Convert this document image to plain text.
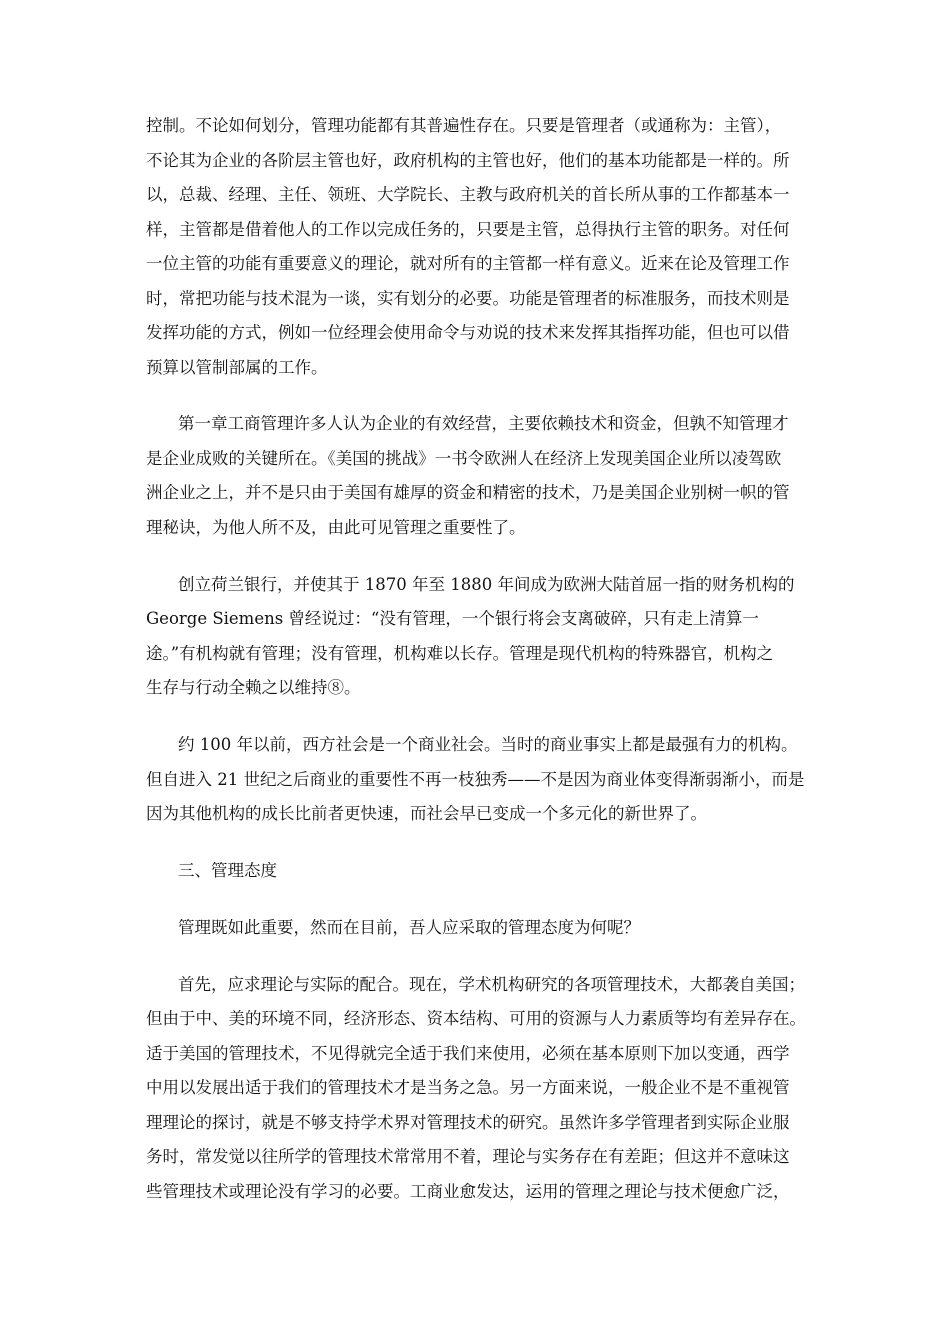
控制。不论如何划分，管理功能都有其普遍性存在。只要是管理者（或通称为：主管），

不论其为企业的各阶层主管也好，政府机构的主管也好，他们的基本功能都是一样的。所

以，总裁、经理、主任、领班、大学院长、主教与政府机关的首长所从事的工作都基本一

样，主管都是借着他人的工作以完成任务的，只要是主管，总得执行主管的职务。对任何

一位主管的功能有重要意义的理论，就对所有的主管都一样有意义。近来在论及管理工作

时，常把功能与技术混为一谈，实有划分的必要。功能是管理者的标准服务，而技术则是

发挥功能的方式，例如一位经理会使用命令与劝说的技术来发挥其指挥功能，但也可以借

预算以管制部属的工作。

第一章工商管理许多人认为企业的有效经营，主要依赖技术和资金，但孰不知管理才

是企业成败的关键所在。《美国的挑战》一书令欧洲人在经济上发现美国企业所以凌驾欧

洲企业之上，并不是只由于美国有雄厚的资金和精密的技术，乃是美国企业别树一帜的管

理秘诀，为他人所不及，由此可见管理之重要性了。

创立荷兰银行，并使其于 1870 年至 1880 年间成为欧洲大陆首屈一指的财务机构的

George Siemens 曾经说过：“没有管理，一个银行将会支离破碎，只有走上清算一

途。”有机构就有管理；没有管理，机构难以长存。管理是现代机构的特殊器官，机构之

生存与行动全赖之以维持⑧。

约 100 年以前，西方社会是一个商业社会。当时的商业事实上都是最强有力的机构。

但自进入 21 世纪之后商业的重要性不再一枝独秀——不是因为商业体变得渐弱渐小，而是

因为其他机构的成长比前者更快速，而社会早已变成一个多元化的新世界了。

三、管理态度

管理既如此重要，然而在目前，吾人应采取的管理态度为何呢？

首先，应求理论与实际的配合。现在，学术机构研究的各项管理技术，大都袭自美国；

但由于中、美的环境不同，经济形态、资本结构、可用的资源与人力素质等均有差异存在。

适于美国的管理技术，不见得就完全适于我们来使用，必须在基本原则下加以变通，西学

中用以发展出适于我们的管理技术才是当务之急。另一方面来说，一般企业不是不重视管

理理论的探讨，就是不够支持学术界对管理技术的研究。虽然许多学管理者到实际企业服

务时，常发觉以往所学的管理技术常常用不着，理论与实务存在有差距；但这并不意味这

些管理技术或理论没有学习的必要。工商业愈发达，运用的管理之理论与技术便愈广泛，
